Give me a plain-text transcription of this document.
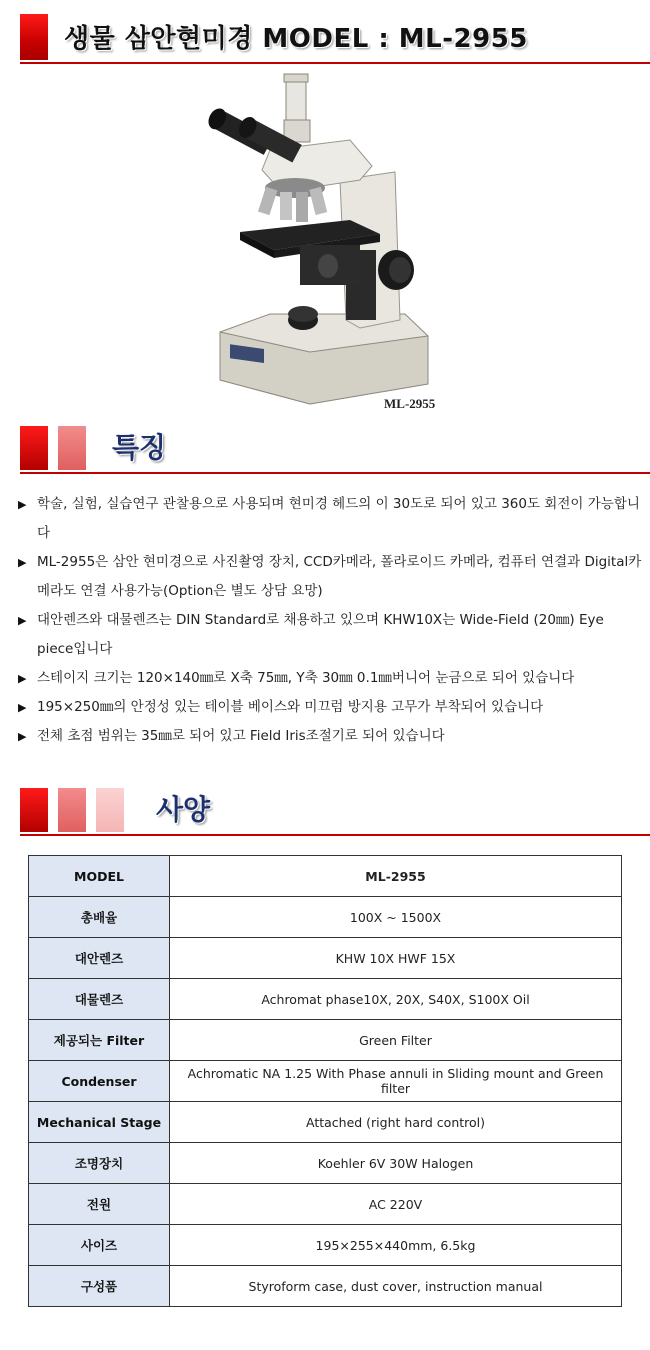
생물 삼안현미경 MODEL : ML-2955
ML-2955
특징
▶ 학술, 실험, 실습연구 관찰용으로 사용되며 현미경 헤드의 이 30도로 되어 있고 360도 회전이 가능합니다
▶ ML-2955은 삼안 현미경으로 사진촬영 장치, CCD카메라, 폴라로이드 카메라, 컴퓨터 연결과 Digital카메라도 연결 사용가능(Option은 별도 상담 요망)
▶ 대안렌즈와 대물렌즈는 DIN Standard로 채용하고 있으며 KHW10X는 Wide-Field (20㎜) Eye piece입니다
▶ 스테이지 크기는 120×140㎜로 X축 75㎜, Y축 30㎜ 0.1㎜버니어 눈금으로 되어 있습니다
▶ 195×250㎜의 안정성 있는 테이블 베이스와 미끄럼 방지용 고무가 부착되어 있습니다
▶ 전체 초점 범위는 35㎜로 되어 있고 Field Iris조절기로 되어 있습니다
사양
MODEL	ML-2955
총배율	100X ~ 1500X
대안렌즈	KHW 10X HWF 15X
대물렌즈	Achromat phase10X, 20X, S40X, S100X Oil
제공되는 Filter	Green Filter
Condenser	Achromatic NA 1.25 With Phase annuli in Sliding mount and Green filter
Mechanical Stage	Attached (right hard control)
조명장치	Koehler 6V 30W Halogen
전원	AC 220V
사이즈	195×255×440mm, 6.5kg
구성품	Styroform case, dust cover, instruction manual
